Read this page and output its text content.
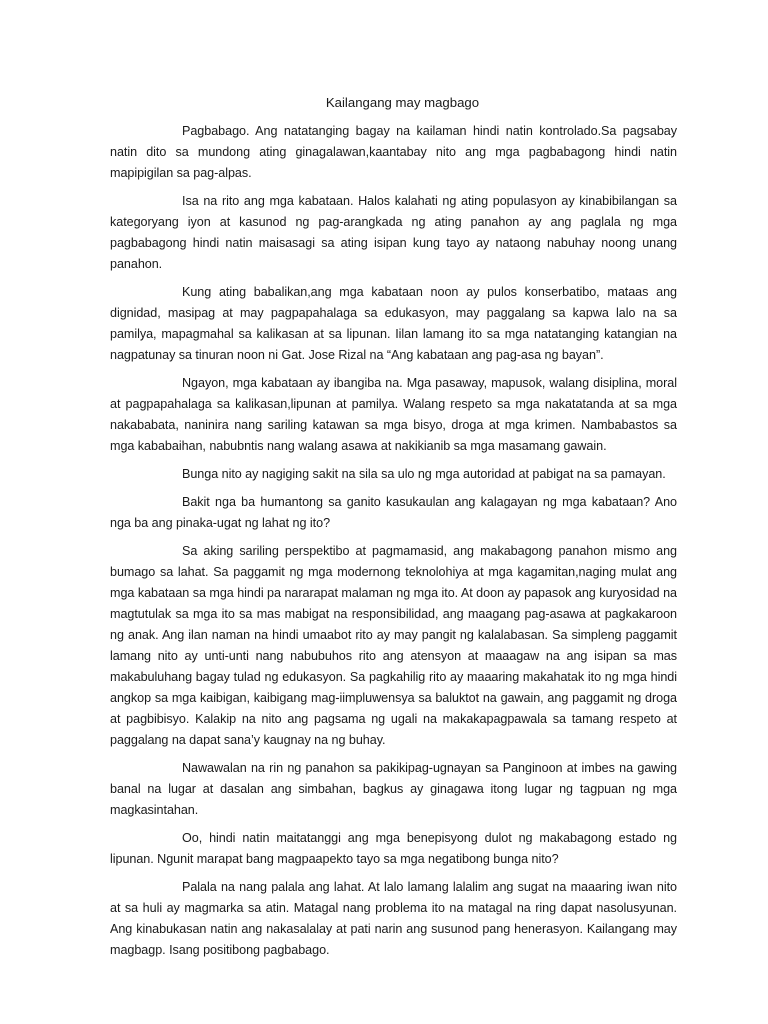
Kailangang may magbago

Pagbabago. Ang natatanging bagay na kailaman hindi natin kontrolado.Sa pagsabay natin dito sa mundong ating ginagalawan,kaantabay nito ang mga pagbabagong hindi natin mapipigilan sa pag-alpas.

Isa na rito ang mga kabataan. Halos kalahati ng ating populasyon ay kinabibilangan sa kategoryang iyon at kasunod ng pag-arangkada ng ating panahon ay ang paglala ng mga pagbabagong hindi natin maisasagi sa ating isipan kung tayo ay nataong nabuhay noong unang panahon.

Kung ating babalikan,ang mga kabataan noon ay pulos konserbatibo, mataas ang dignidad, masipag at may pagpapahalaga sa edukasyon, may paggalang sa kapwa lalo na sa pamilya, mapagmahal sa kalikasan at sa lipunan. Iilan lamang ito sa mga natatanging katangian na nagpatunay sa tinuran noon ni Gat. Jose Rizal na “Ang kabataan ang pag-asa ng bayan”.

Ngayon, mga kabataan ay ibangiba na. Mga pasaway, mapusok, walang disiplina, moral at pagpapahalaga sa kalikasan,lipunan at pamilya. Walang respeto sa mga nakatatanda at sa mga nakababata, naninira nang sariling katawan sa mga bisyo, droga at mga krimen. Nambabastos sa mga kababaihan, nabubntis nang walang asawa at nakikianib sa mga masamang gawain.

Bunga nito ay nagiging sakit na sila sa ulo ng mga autoridad at pabigat na sa pamayan.

Bakit nga ba humantong sa ganito kasukaulan ang kalagayan ng mga kabataan? Ano nga ba ang pinaka-ugat ng lahat ng ito?

Sa aking sariling perspektibo at pagmamasid, ang makabagong panahon mismo ang bumago sa lahat. Sa paggamit ng mga modernong teknolohiya at mga kagamitan,naging mulat ang mga kabataan sa mga hindi pa nararapat malaman ng mga ito. At doon ay papasok ang kuryosidad na magtutulak sa mga ito sa mas mabigat na responsibilidad, ang maagang pag-asawa at pagkakaroon ng anak. Ang ilan naman na hindi umaabot rito ay may pangit ng kalalabasan. Sa simpleng paggamit lamang nito ay unti-unti nang nabubuhos rito ang atensyon at maaagaw na ang isipan sa mas makabuluhang bagay tulad ng edukasyon. Sa pagkahilig rito ay maaaring makahatak ito ng mga hindi angkop sa mga kaibigan, kaibigang mag-iimpluwensya sa baluktot na gawain, ang paggamit ng droga at pagbibisyo. Kalakip na nito ang pagsama ng ugali na makakapagpawala sa tamang respeto at paggalang na dapat sana’y kaugnay na ng buhay.

Nawawalan na rin ng panahon sa pakikipag-ugnayan sa Panginoon at imbes na gawing banal na lugar at dasalan ang simbahan, bagkus ay ginagawa itong lugar ng tagpuan ng mga magkasintahan.

Oo, hindi natin maitatanggi ang mga benepisyong dulot ng makabagong estado ng lipunan. Ngunit marapat bang magpaapekto tayo sa mga negatibong bunga nito?

Palala na nang palala ang lahat. At lalo lamang lalalim ang sugat na maaaring iwan nito at sa huli ay magmarka sa atin. Matagal nang problema ito na matagal na ring dapat nasolusyunan. Ang kinabukasan natin ang nakasalalay at pati narin ang susunod pang henerasyon. Kailangang may magbagp. Isang positibong pagbabago.
